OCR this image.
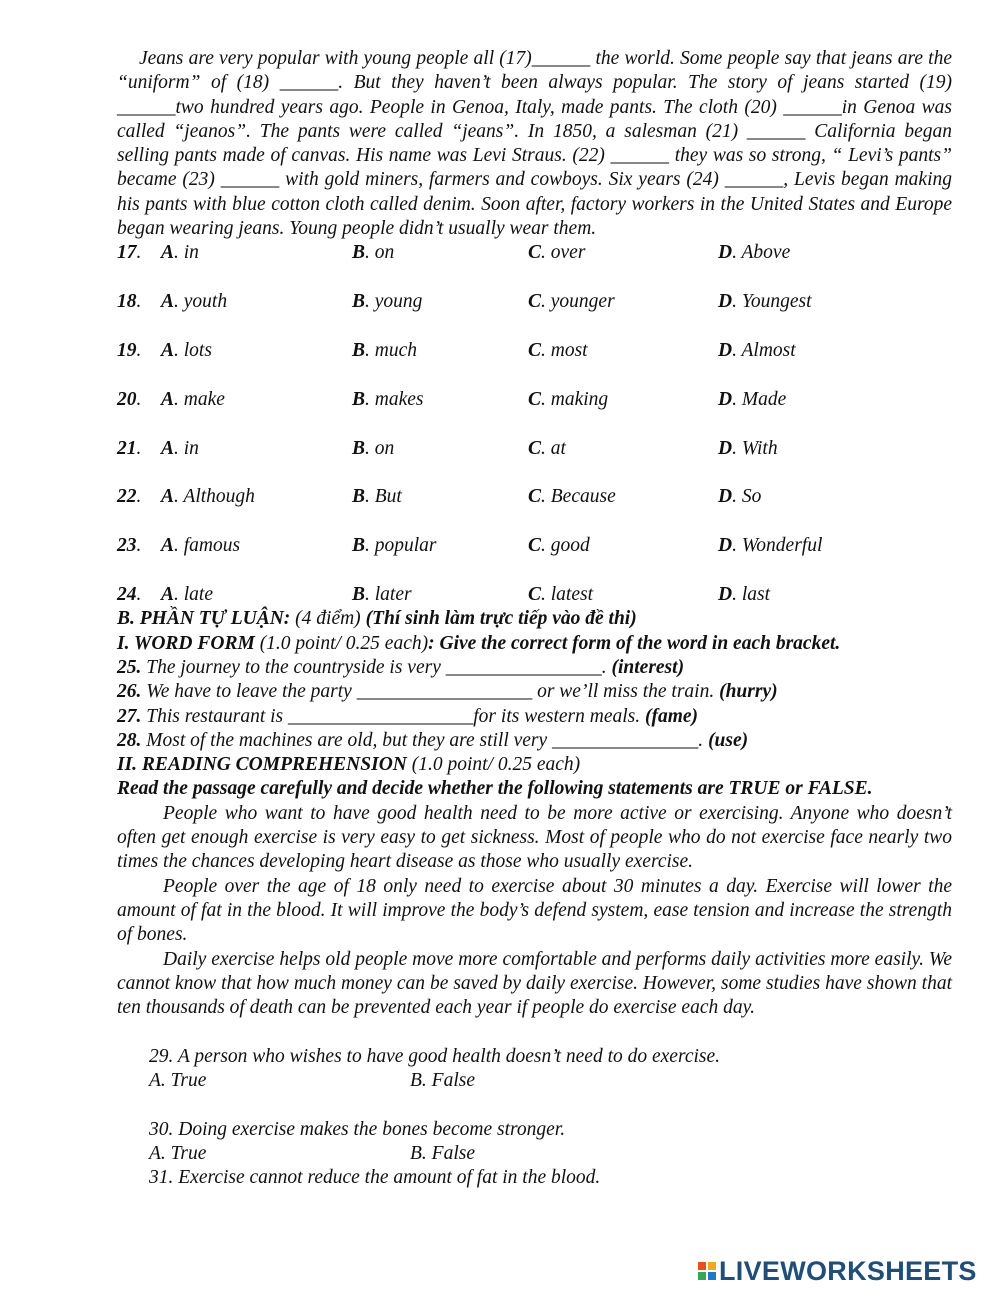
Jeans are very popular with young people all (17)______ the world. Some people say that jeans are the “uniform” of (18) ______. But they haven’t been always popular. The story of jeans started (19) ______two hundred years ago. People in Genoa, Italy, made pants. The cloth (20) ______in Genoa was called “jeanos”. The pants were called “jeans”. In 1850, a salesman (21) ______ California began selling pants made of canvas. His name was Levi Straus. (22) ______ they was so strong, “ Levi’s pants” became (23) ______ with gold miners, farmers and cowboys. Six years (24) ______, Levis began making his pants with blue cotton cloth called denim. Soon after, factory workers in the United States and Europe began wearing jeans. Young people didn’t usually wear them.

17.	A. in	B. on	C. over	D. Above
18.	A. youth	B. young	C. younger	D. Youngest
19.	A. lots	B. much	C. most	D. Almost
20.	A. make	B. makes	C. making	D. Made
21.	A. in	B. on	C. at	D. With
22.	A. Although	B. But	C. Because	D. So
23.	A. famous	B. popular	C. good	D. Wonderful
24.	A. late	B. later	C. latest	D. last

B. PHẦN TỰ LUẬN: (4 điểm) (Thí sinh làm trực tiếp vào đề thi)

I. WORD FORM (1.0 point/ 0.25 each): Give the correct form of the word in each bracket.

25. The journey to the countryside is very ________________. (interest)

26. We have to leave the party __________________ or we’ll miss the train. (hurry)

27. This restaurant is ___________________for its western meals. (fame)

28. Most of the machines are old, but they are still very _______________. (use)

II. READING COMPREHENSION (1.0 point/ 0.25 each)

Read the passage carefully and decide whether the following statements are TRUE or FALSE.

People who want to have good health need to be more active or exercising. Anyone who doesn’t often get enough exercise is very easy to get sickness. Most of people who do not exercise face nearly two times the chances developing heart disease as those who usually exercise.

People over the age of 18 only need to exercise about 30 minutes a day. Exercise will lower the amount of fat in the blood. It will improve the body’s defend system, ease tension and increase the strength of bones.

Daily exercise helps old people move more comfortable and performs daily activities more easily. We cannot know that how much money can be saved by daily exercise. However, some studies have shown that ten thousands of death can be prevented each year if people do exercise each day.

29. A person who wishes to have good health doesn’t need to do exercise.

A. True	B. False

30. Doing exercise makes the bones become stronger.

A. True	B. False

31. Exercise cannot reduce the amount of fat in the blood.

LIVEWORKSHEETS
